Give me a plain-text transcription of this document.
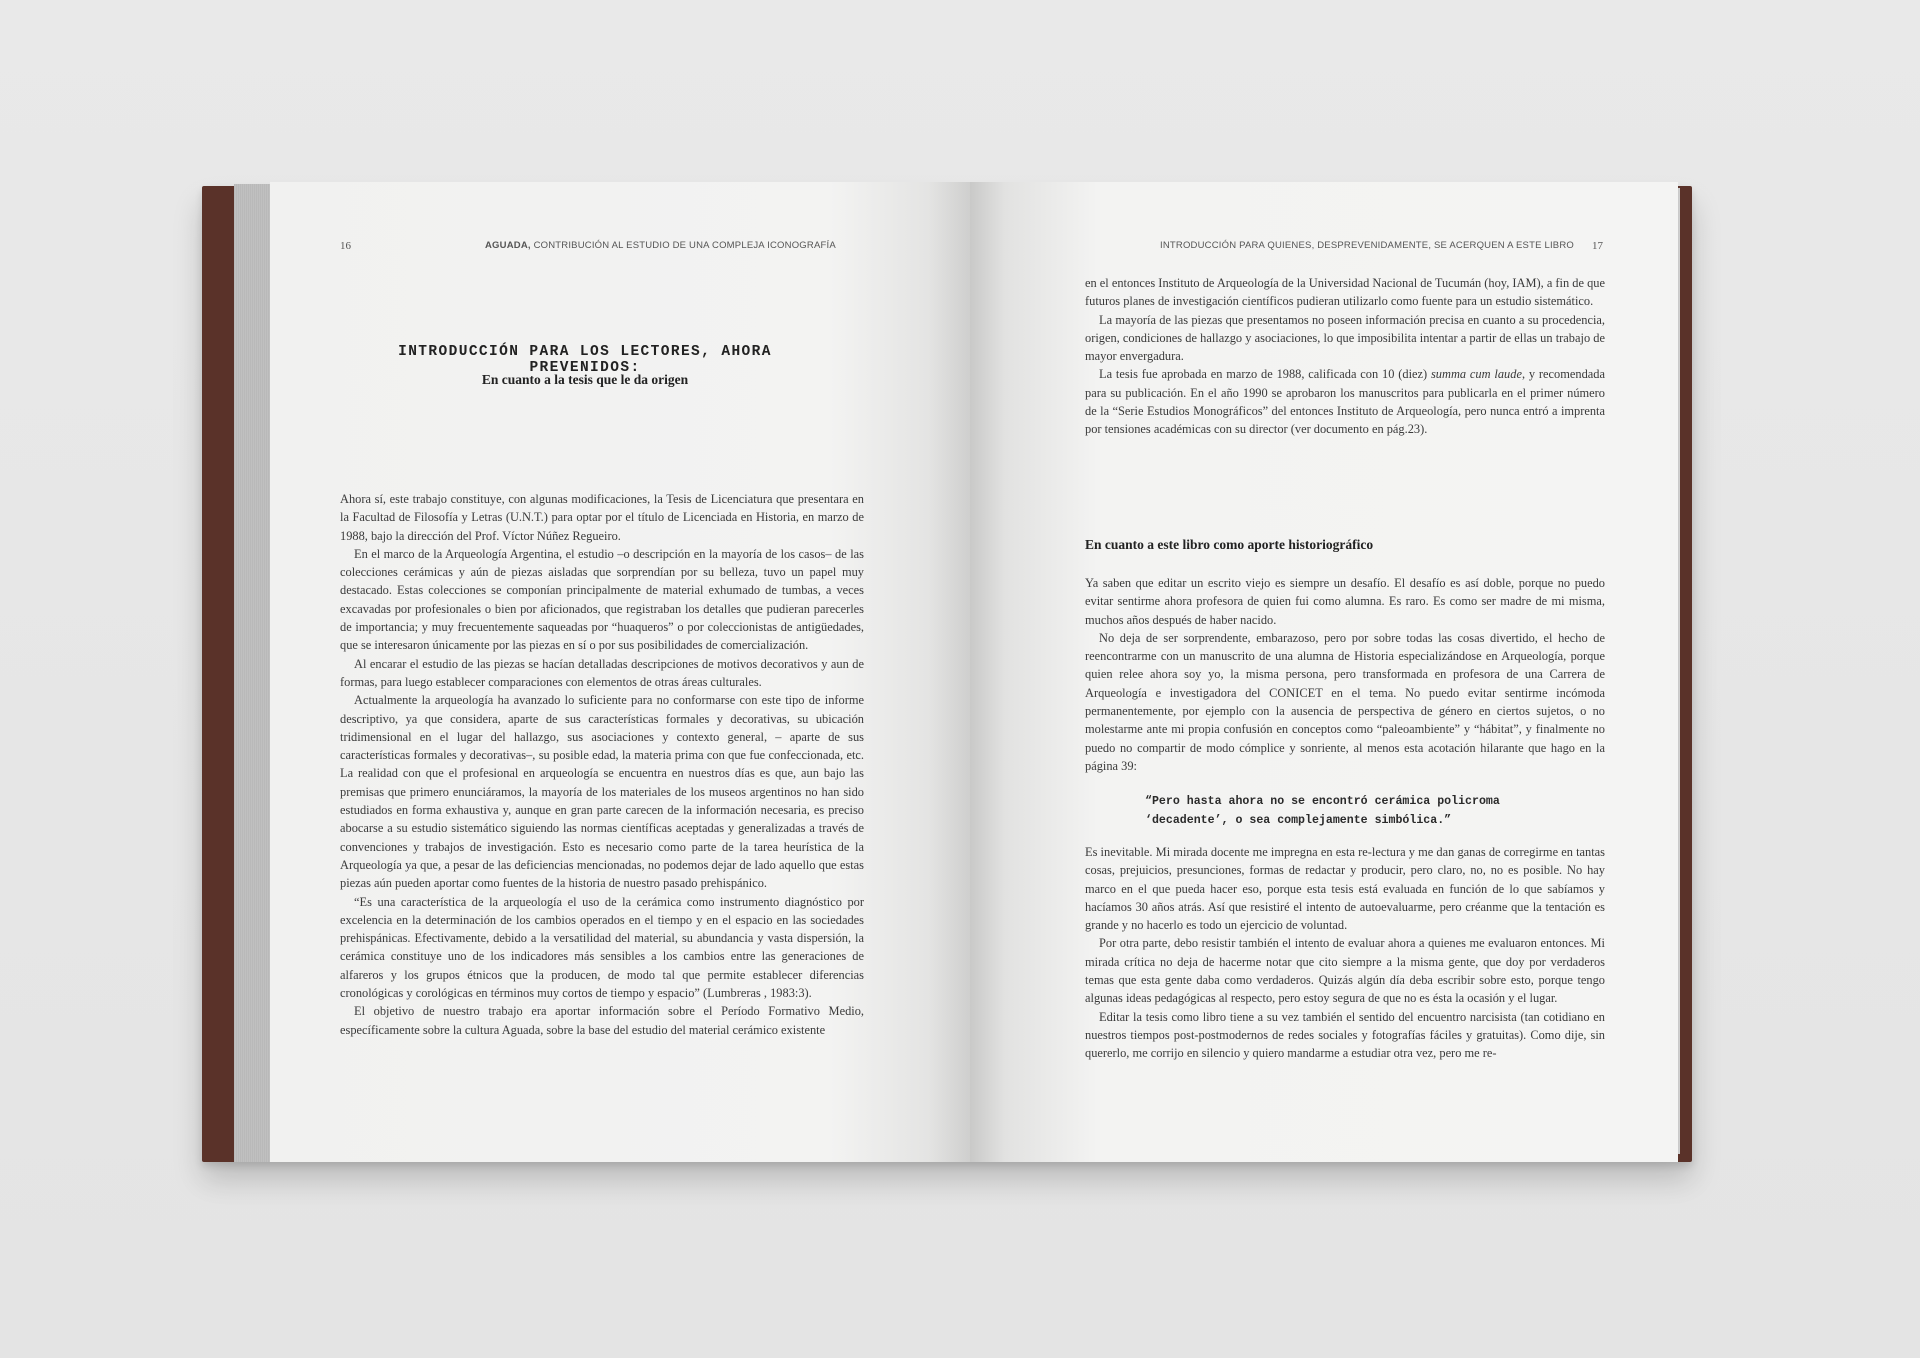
16	AGUADA, CONTRIBUCIÓN AL ESTUDIO DE UNA COMPLEJA ICONOGRAFÍA
INTRODUCCIÓN PARA LOS LECTORES, AHORA PREVENIDOS:
En cuanto a la tesis que le da origen

Ahora sí, este trabajo constituye, con algunas modificaciones, la Tesis de Licenciatura que presentara en la Facultad de Filosofía y Letras (U.N.T.) para optar por el título de Licenciada en Historia, en marzo de 1988, bajo la dirección del Prof. Víctor Núñez Regueiro.

En el marco de la Arqueología Argentina, el estudio –o descripción en la mayoría de los casos– de las colecciones cerámicas y aún de piezas aisladas que sorprendían por su belleza, tuvo un papel muy destacado. Estas colecciones se componían principalmente de material exhumado de tumbas, a veces excavadas por profesionales o bien por aficionados, que registraban los detalles que pudieran parecerles de importancia; y muy frecuentemente saqueadas por “huaqueros” o por coleccionistas de antigüedades, que se interesaron únicamente por las piezas en sí o por sus posibilidades de comercialización.

Al encarar el estudio de las piezas se hacían detalladas descripciones de motivos decorativos y aun de formas, para luego establecer comparaciones con elementos de otras áreas culturales.

Actualmente la arqueología ha avanzado lo suficiente para no conformarse con este tipo de informe descriptivo, ya que considera, aparte de sus características formales y decorativas, su ubicación tridimensional en el lugar del hallazgo, sus asociaciones y contexto general, – aparte de sus características formales y decorativas–, su posible edad, la materia prima con que fue confeccionada, etc. La realidad con que el profesional en arqueología se encuentra en nuestros días es que, aun bajo las premisas que primero enunciáramos, la mayoría de los materiales de los museos argentinos no han sido estudiados en forma exhaustiva y, aunque en gran parte carecen de la información necesaria, es preciso abocarse a su estudio sistemático siguiendo las normas científicas aceptadas y generalizadas a través de convenciones y trabajos de investigación. Esto es necesario como parte de la tarea heurística de la Arqueología ya que, a pesar de las deficiencias mencionadas, no podemos dejar de lado aquello que estas piezas aún pueden aportar como fuentes de la historia de nuestro pasado prehispánico.

“Es una característica de la arqueología el uso de la cerámica como instrumento diagnóstico por excelencia en la determinación de los cambios operados en el tiempo y en el espacio en las sociedades prehispánicas. Efectivamente, debido a la versatilidad del material, su abundancia y vasta dispersión, la cerámica constituye uno de los indicadores más sensibles a los cambios entre las generaciones de alfareros y los grupos étnicos que la producen, de modo tal que permite establecer diferencias cronológicas y corológicas en términos muy cortos de tiempo y espacio” (Lumbreras , 1983:3).

El objetivo de nuestro trabajo era aportar información sobre el Período Formativo Medio, específicamente sobre la cultura Aguada, sobre la base del estudio del material cerámico existente

INTRODUCCIÓN PARA QUIENES, DESPREVENIDAMENTE, SE ACERQUEN A ESTE LIBRO 17

en el entonces Instituto de Arqueología de la Universidad Nacional de Tucumán (hoy, IAM), a fin de que futuros planes de investigación científicos pudieran utilizarlo como fuente para un estudio sistemático.

La mayoría de las piezas que presentamos no poseen información precisa en cuanto a su procedencia, origen, condiciones de hallazgo y asociaciones, lo que imposibilita intentar a partir de ellas un trabajo de mayor envergadura.

La tesis fue aprobada en marzo de 1988, calificada con 10 (diez) summa cum laude, y recomendada para su publicación. En el año 1990 se aprobaron los manuscritos para publicarla en el primer número de la “Serie Estudios Monográficos” del entonces Instituto de Arqueología, pero nunca entró a imprenta por tensiones académicas con su director (ver documento en pág.23).

En cuanto a este libro como aporte historiográfico

Ya saben que editar un escrito viejo es siempre un desafío. El desafío es así doble, porque no puedo evitar sentirme ahora profesora de quien fui como alumna. Es raro. Es como ser madre de mi misma, muchos años después de haber nacido.

No deja de ser sorprendente, embarazoso, pero por sobre todas las cosas divertido, el hecho de reencontrarme con un manuscrito de una alumna de Historia especializándose en Arqueología, porque quien relee ahora soy yo, la misma persona, pero transformada en profesora de una Carrera de Arqueología e investigadora del CONICET en el tema. No puedo evitar sentirme incómoda permanentemente, por ejemplo con la ausencia de perspectiva de género en ciertos sujetos, o no molestarme ante mi propia confusión en conceptos como “paleoambiente” y “hábitat”, y finalmente no puedo no compartir de modo cómplice y sonriente, al menos esta acotación hilarante que hago en la página 39:

“Pero hasta ahora no se encontró cerámica policroma
‘decadente’, o sea complejamente simbólica.”

Es inevitable. Mi mirada docente me impregna en esta re-lectura y me dan ganas de corregirme en tantas cosas, prejuicios, presunciones, formas de redactar y producir, pero claro, no, no es posible. No hay marco en el que pueda hacer eso, porque esta tesis está evaluada en función de lo que sabíamos y hacíamos 30 años atrás. Así que resistiré el intento de autoevaluarme, pero créanme que la tentación es grande y no hacerlo es todo un ejercicio de voluntad.

Por otra parte, debo resistir también el intento de evaluar ahora a quienes me evaluaron entonces. Mi mirada crítica no deja de hacerme notar que cito siempre a la misma gente, que doy por verdaderos temas que esta gente daba como verdaderos. Quizás algún día deba escribir sobre esto, porque tengo algunas ideas pedagógicas al respecto, pero estoy segura de que no es ésta la ocasión y el lugar.

Editar la tesis como libro tiene a su vez también el sentido del encuentro narcisista (tan cotidiano en nuestros tiempos post-postmodernos de redes sociales y fotografías fáciles y gratuitas). Como dije, sin quererlo, me corrijo en silencio y quiero mandarme a estudiar otra vez, pero me re-
